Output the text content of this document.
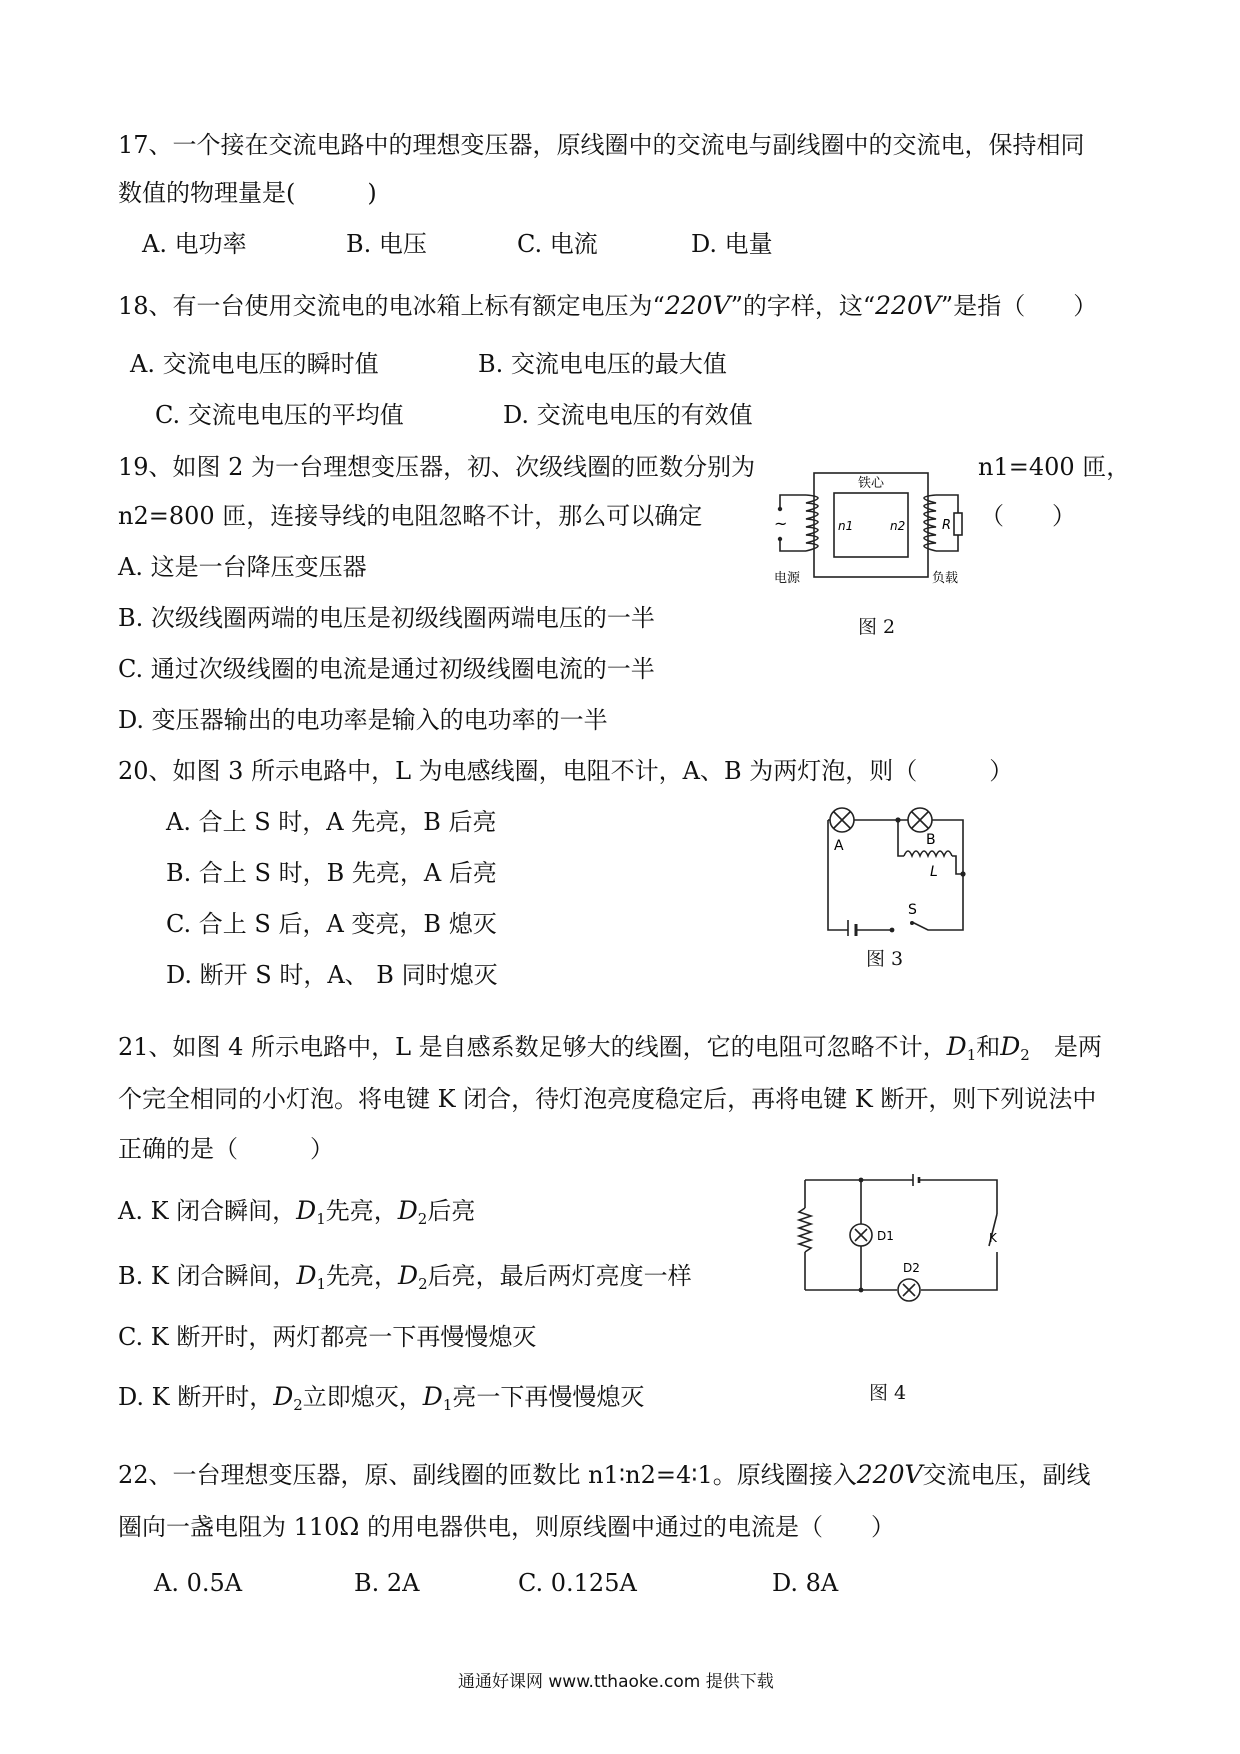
17、一个接在交流电路中的理想变压器，原线圈中的交流电与副线圈中的交流电，保持相同
数值的物理量是(　　　)
A. 电功率	B. 电压	C. 电流	D. 电量
18、有一台使用交流电的电冰箱上标有额定电压为“220V”的字样，这“220V”是指（　　）
A. 交流电电压的瞬时值	B. 交流电电压的最大值
C. 交流电电压的平均值	D. 交流电电压的有效值
19、如图 2 为一台理想变压器，初、次级线圈的匝数分别为	n1=400 匝，
n2=800 匝，连接导线的电阻忽略不计，那么可以确定	（　　）
A. 这是一台降压变压器
B. 次级线圈两端的电压是初级线圈两端电压的一半
C. 通过次级线圈的电流是通过初级线圈电流的一半
D. 变压器输出的电功率是输入的电功率的一半
铁心
~	n1	n2	R
电源	负载
图 2
20、如图 3 所示电路中，L 为电感线圈，电阻不计，A、B 为两灯泡，则（　　　）
A. 合上 S 时，A 先亮，B 后亮
B. 合上 S 时，B 先亮，A 后亮
C. 合上 S 后，A 变亮，B 熄灭
D. 断开 S 时，A、 B 同时熄灭
A	B
L
S
图 3
21、如图 4 所示电路中，L 是自感系数足够大的线圈，它的电阻可忽略不计，$D_1$和$D_2$  是两
个完全相同的小灯泡。将电键 K 闭合，待灯泡亮度稳定后，再将电键 K 断开，则下列说法中
正确的是（　　　）
A. K 闭合瞬间，$D_1$先亮，$D_2$后亮
B. K 闭合瞬间，$D_1$先亮，$D_2$后亮，最后两灯亮度一样
C. K 断开时，两灯都亮一下再慢慢熄灭
D. K 断开时，$D_2$立即熄灭，$D_1$亮一下再慢慢熄灭
D1
D2
K
图 4
22、一台理想变压器，原、副线圈的匝数比 n1∶n2=4∶1。原线圈接入220V交流电压，副线
圈向一盏电阻为 110Ω 的用电器供电，则原线圈中通过的电流是（　　）
A. 0.5A	B. 2A	C. 0.125A	D. 8A
通通好课网 www.tthaoke.com 提供下载
